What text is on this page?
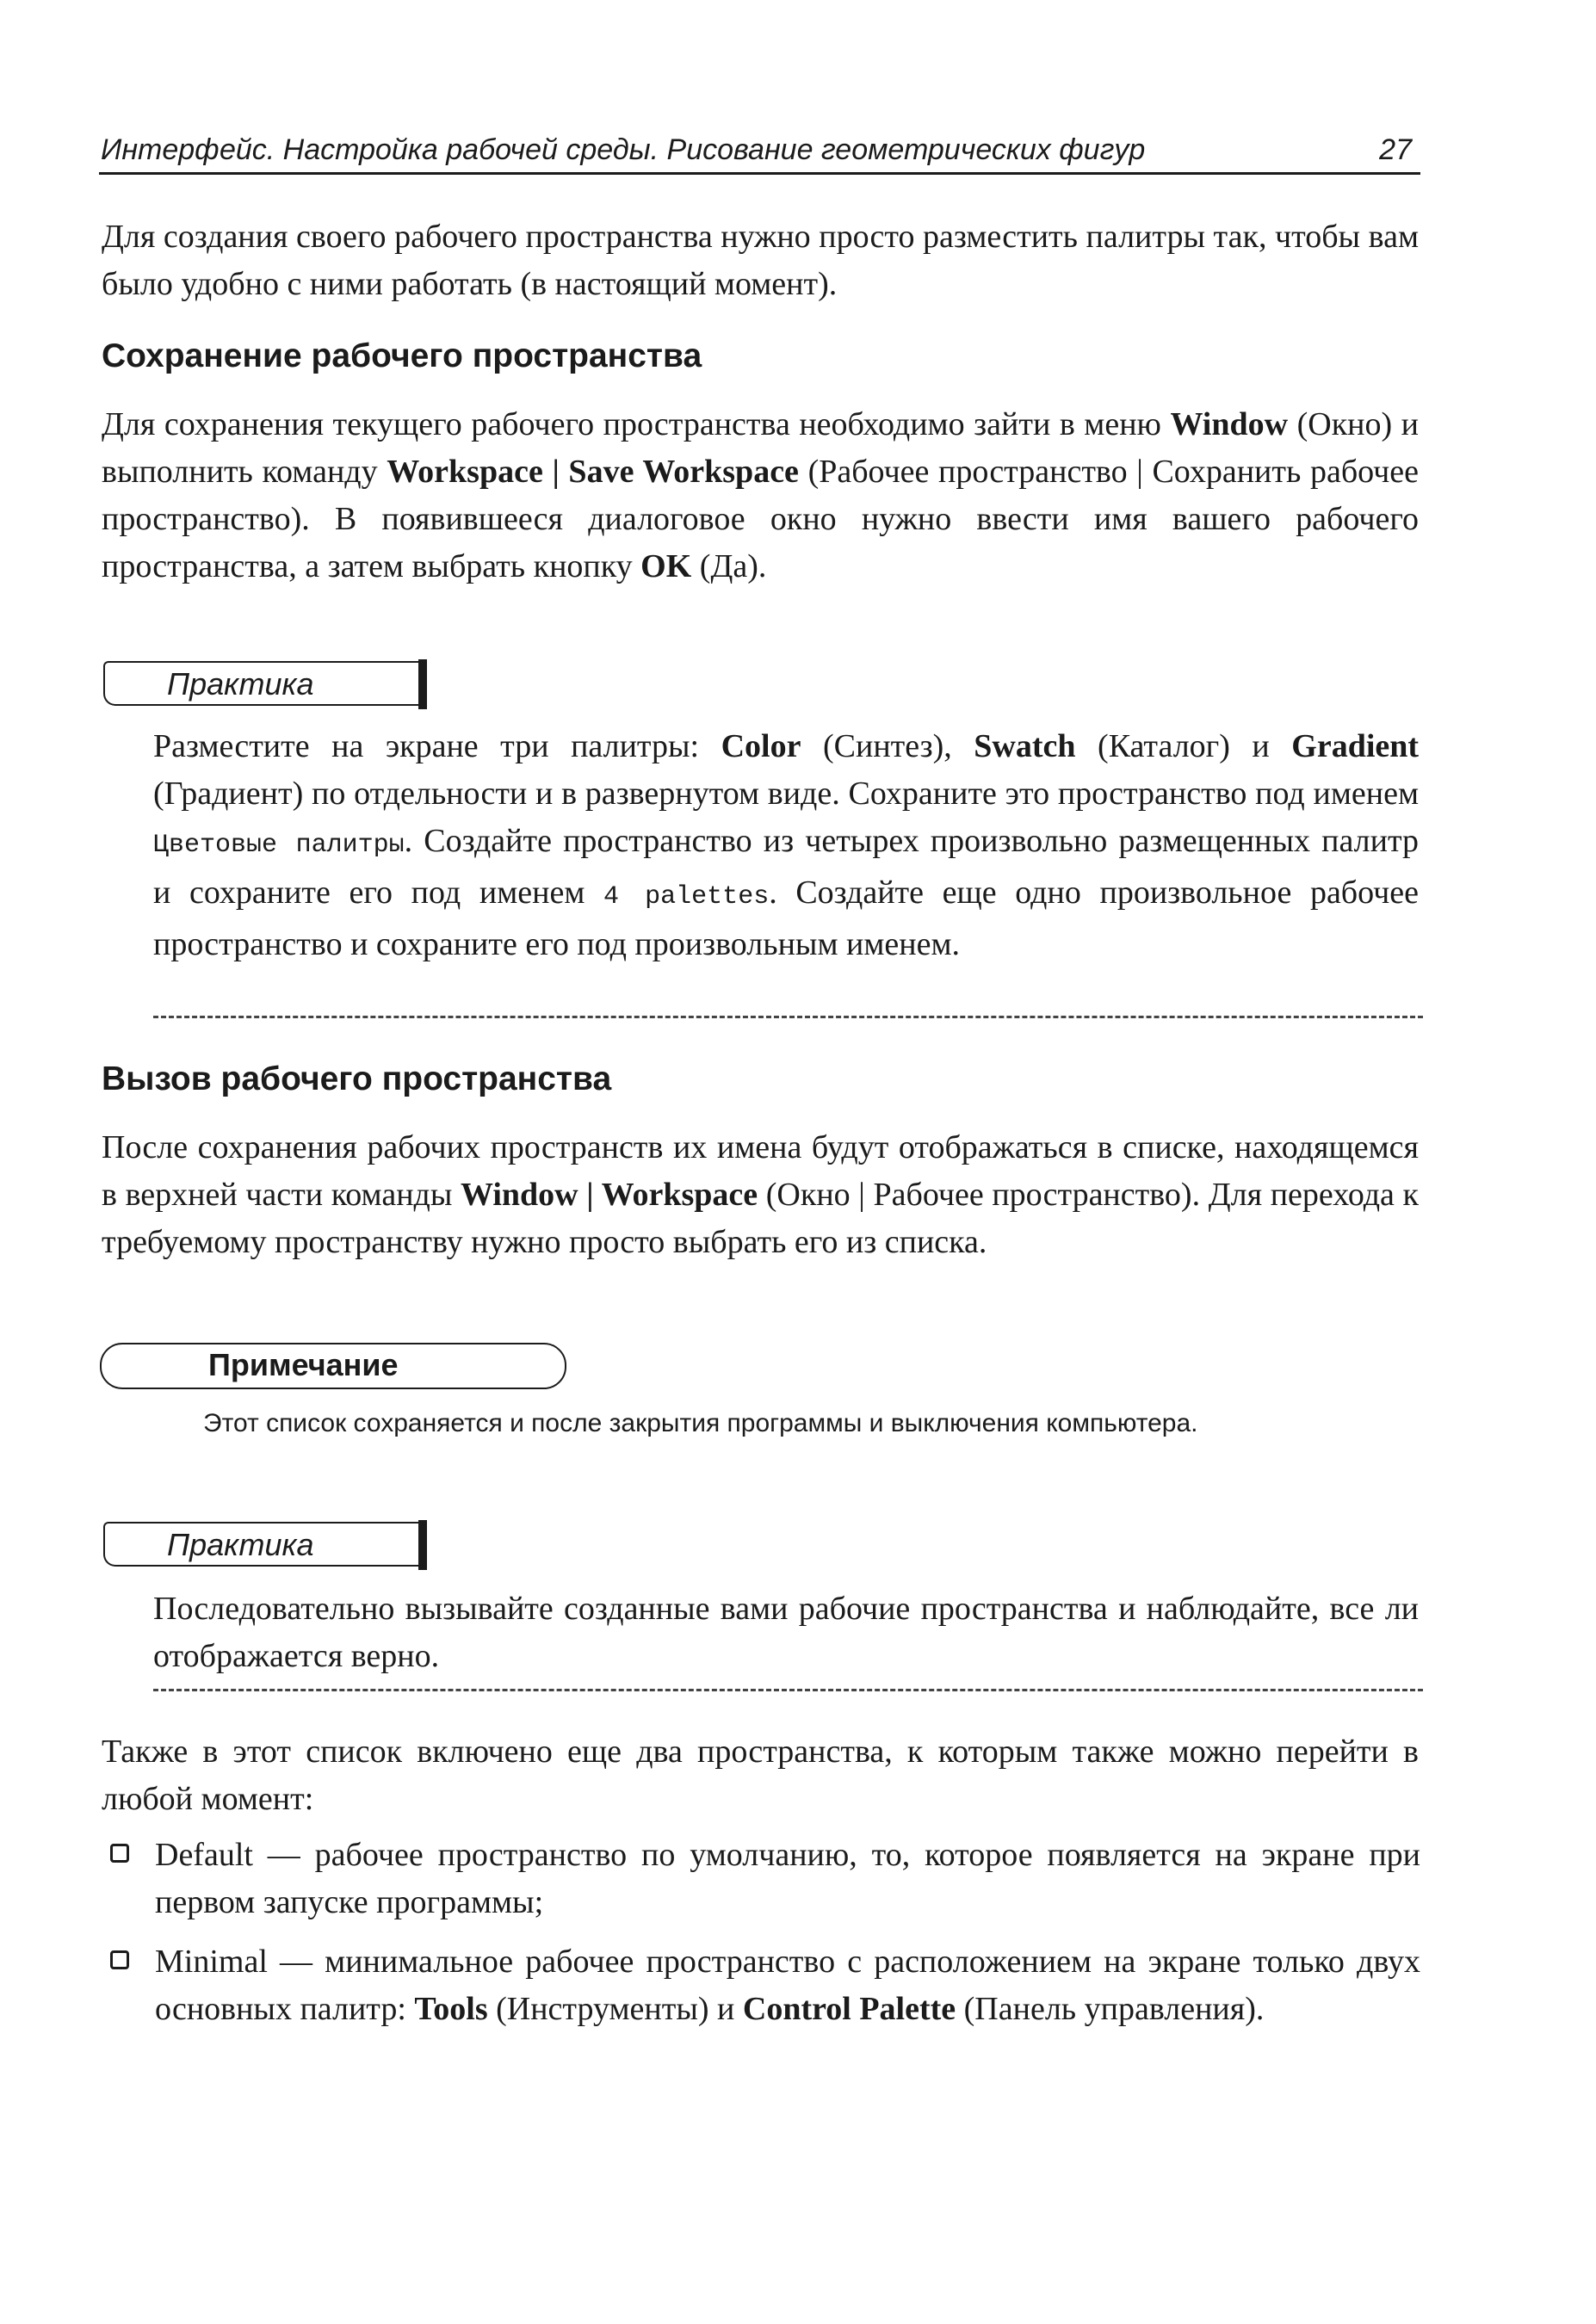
Интерфейс. Настройка рабочей среды. Рисование геометрических фигур	27

Для создания своего рабочего пространства нужно просто разместить палитры так, чтобы вам было удобно с ними работать (в настоящий момент).

Сохранение рабочего пространства

Для сохранения текущего рабочего пространства необходимо зайти в меню Window (Окно) и выполнить команду Workspace | Save Workspace (Рабочее пространство | Сохранить рабочее пространство). В появившееся диалоговое окно нужно ввести имя вашего рабочего пространства, а затем выбрать кнопку OK (Да).

Практика

Разместите на экране три палитры: Color (Синтез), Swatch (Каталог) и Gradient (Градиент) по отдельности и в развернутом виде. Сохраните это пространство под именем Цветовые палитры. Создайте пространство из четырех произвольно размещенных палитр и сохраните его под именем 4 palettes. Создайте еще одно произвольное рабочее пространство и сохраните его под произвольным именем.

Вызов рабочего пространства

После сохранения рабочих пространств их имена будут отображаться в списке, находящемся в верхней части команды Window | Workspace (Окно | Рабочее пространство). Для перехода к требуемому пространству нужно просто выбрать его из списка.

Примечание

Этот список сохраняется и после закрытия программы и выключения компьютера.

Практика

Последовательно вызывайте созданные вами рабочие пространства и наблюдайте, все ли отображается верно.

Также в этот список включено еще два пространства, к которым также можно перейти в любой момент:

Default — рабочее пространство по умолчанию, то, которое появляется на экране при первом запуске программы;

Minimal — минимальное рабочее пространство с расположением на экране только двух основных палитр: Tools (Инструменты) и Control Palette (Панель управления).
